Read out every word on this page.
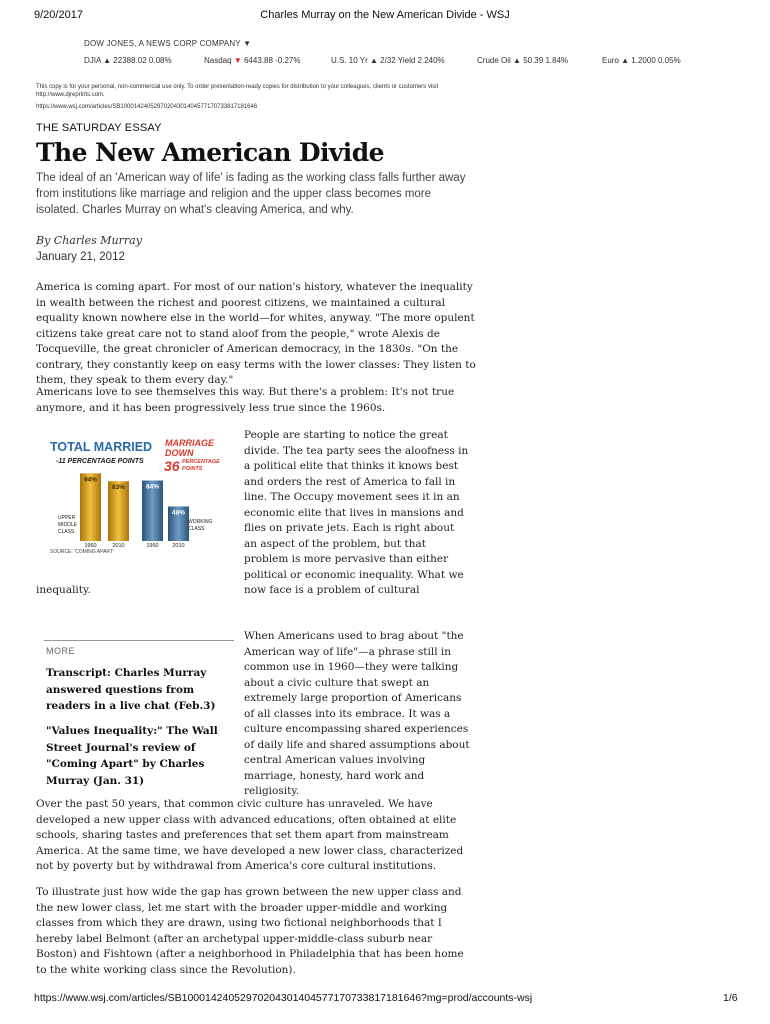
9/20/2017	Charles Murray on the New American Divide - WSJ
DOW JONES, A NEWS CORP COMPANY ▼
DJIA ▲ 22388.02 0.08%	Nasdaq ▼ 6443.88 -0.27%	U.S. 10 Yr ▲ 2/32 Yield 2.240%	Crude Oil ▲ 50.39 1.84%	Euro ▲ 1.2000 0.05%
This copy is for your personal, non-commercial use only. To order presentation-ready copies for distribution to your colleagues, clients or customers visit
http://www.djreprints.com.
https://www.wsj.com/articles/SB10001424052970204301404577170733817181646
THE SATURDAY ESSAY
The New American Divide
The ideal of an 'American way of life' is fading as the working class falls further away from institutions like marriage and religion and the upper class becomes more isolated. Charles Murray on what's cleaving America, and why.
By Charles Murray
January 21, 2012
America is coming apart. For most of our nation's history, whatever the inequality in wealth between the richest and poorest citizens, we maintained a cultural equality known nowhere else in the world—for whites, anyway. "The more opulent citizens take great care not to stand aloof from the people," wrote Alexis de Tocqueville, the great chronicler of American democracy, in the 1830s. "On the contrary, they constantly keep on easy terms with the lower classes: They listen to them, they speak to them every day."
Americans love to see themselves this way. But there's a problem: It's not true anymore, and it has been progressively less true since the 1960s.
TOTAL MARRIED
-11 PERCENTAGE POINTS
MARRIAGE
DOWN
36 PERCENTAGE
POINTS
94%
83%	84%
48%
1960	2010	1960	2010
UPPER
MIDDLE
CLASS
WORKING
CLASS
SOURCE: 'COMING APART'
People are starting to notice the great divide. The tea party sees the aloofness in a political elite that thinks it knows best and orders the rest of America to fall in line. The Occupy movement sees it in an economic elite that lives in mansions and flies on private jets. Each is right about an aspect of the problem, but that problem is more pervasive than either political or economic inequality. What we now face is a problem of cultural
inequality.
MORE
Transcript: Charles Murray answered questions from readers in a live chat (Feb.3)
"Values Inequality:" The Wall Street Journal's review of "Coming Apart" by Charles Murray (Jan. 31)
When Americans used to brag about "the American way of life"—a phrase still in common use in 1960—they were talking about a civic culture that swept an extremely large proportion of Americans of all classes into its embrace. It was a culture encompassing shared experiences of daily life and shared assumptions about central American values involving marriage, honesty, hard work and religiosity.
Over the past 50 years, that common civic culture has unraveled. We have developed a new upper class with advanced educations, often obtained at elite schools, sharing tastes and preferences that set them apart from mainstream America. At the same time, we have developed a new lower class, characterized not by poverty but by withdrawal from America's core cultural institutions.
To illustrate just how wide the gap has grown between the new upper class and the new lower class, let me start with the broader upper-middle and working classes from which they are drawn, using two fictional neighborhoods that I hereby label Belmont (after an archetypal upper-middle-class suburb near Boston) and Fishtown (after a neighborhood in Philadelphia that has been home to the white working class since the Revolution).
https://www.wsj.com/articles/SB10001424052970204301404577170733817181646?mg=prod/accounts-wsj	1/6
